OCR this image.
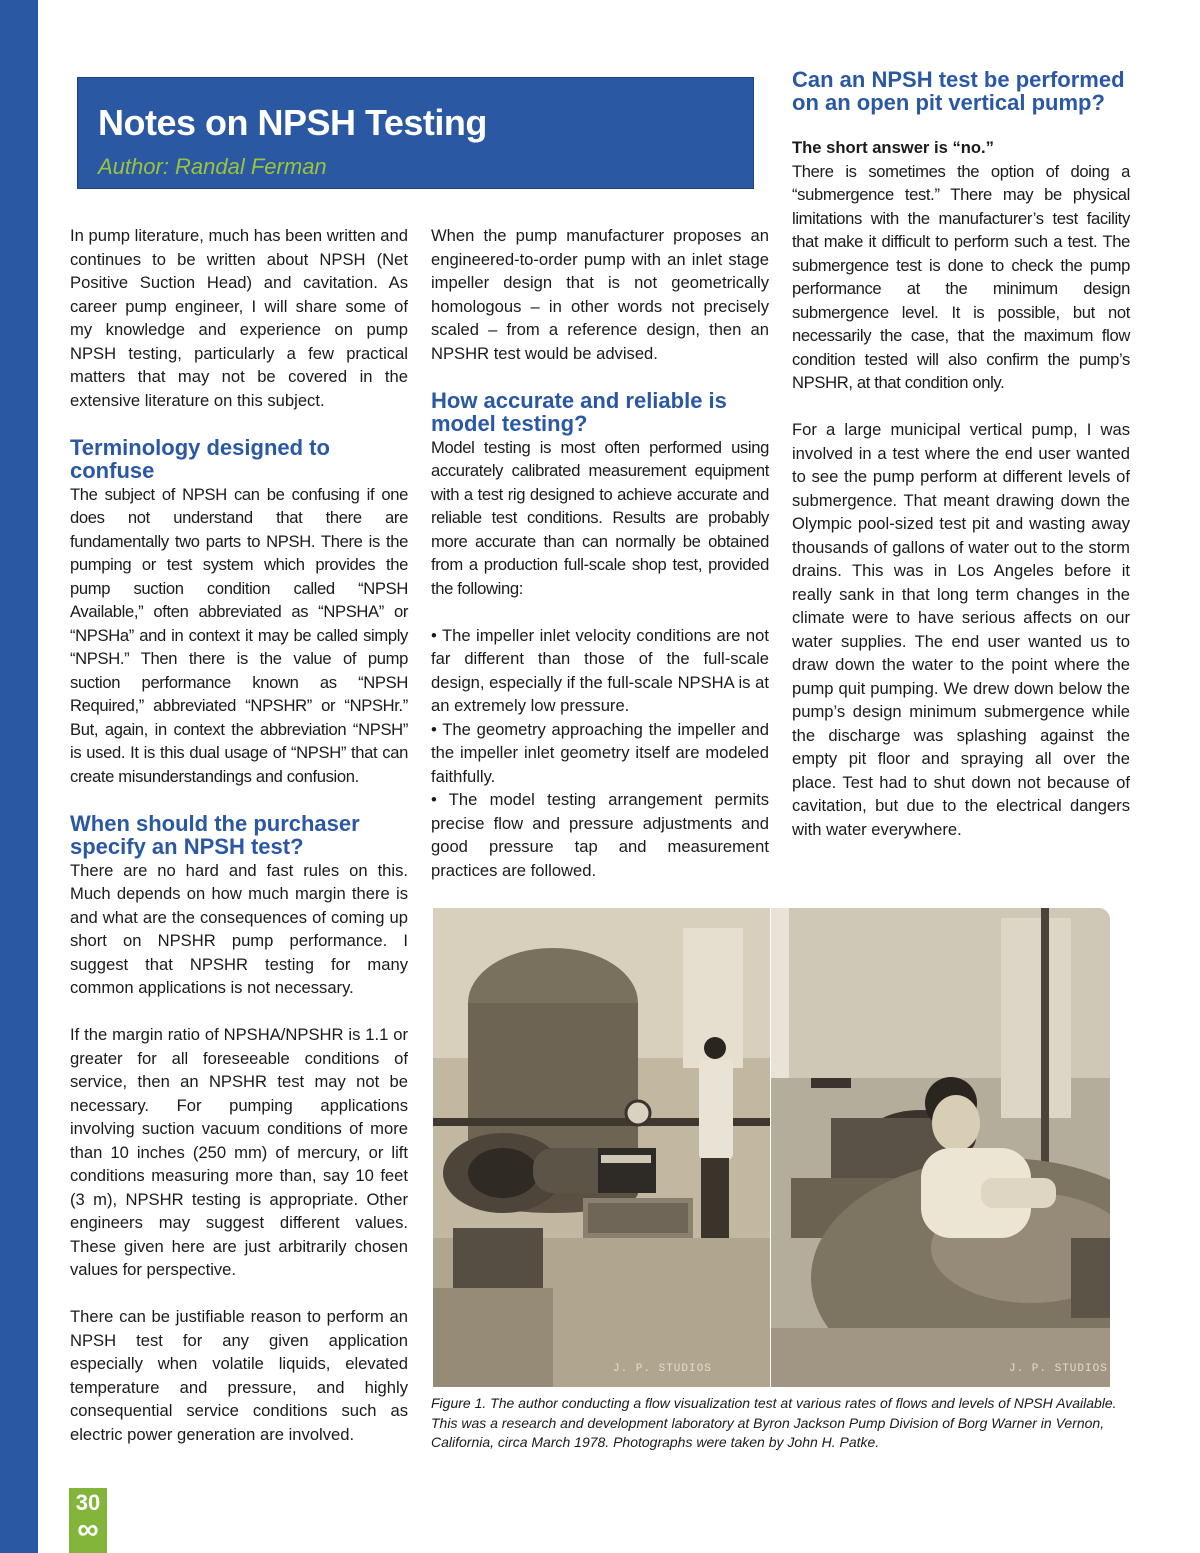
Notes on NPSH Testing
Author: Randal Ferman

In pump literature, much has been written and continues to be written about NPSH (Net Positive Suction Head) and cavitation. As career pump engineer, I will share some of my knowledge and experience on pump NPSH testing, particularly a few practical matters that may not be covered in the extensive literature on this subject.

Terminology designed to confuse

The subject of NPSH can be confusing if one does not understand that there are fundamentally two parts to NPSH. There is the pumping or test system which provides the pump suction condition called “NPSH Available,” often abbreviated as “NPSHA” or “NPSHa” and in context it may be called simply “NPSH.” Then there is the value of pump suction performance known as “NPSH Required,” abbreviated “NPSHR” or “NPSHr.” But, again, in context the abbreviation “NPSH” is used. It is this dual usage of “NPSH” that can create misunderstandings and confusion.

When should the purchaser specify an NPSH test?

There are no hard and fast rules on this. Much depends on how much margin there is and what are the consequences of coming up short on NPSHR pump performance. I suggest that NPSHR testing for many common applications is not necessary.

If the margin ratio of NPSHA/NPSHR is 1.1 or greater for all foreseeable conditions of service, then an NPSHR test may not be necessary. For pumping applications involving suction vacuum conditions of more than 10 inches (250 mm) of mercury, or lift conditions measuring more than, say 10 feet (3 m), NPSHR testing is appropriate. Other engineers may suggest different values. These given here are just arbitrarily chosen values for perspective.

There can be justifiable reason to perform an NPSH test for any given application especially when volatile liquids, elevated temperature and pressure, and highly consequential service conditions such as electric power generation are involved.

When the pump manufacturer proposes an engineered-to-order pump with an inlet stage impeller design that is not geometrically homologous – in other words not precisely scaled – from a reference design, then an NPSHR test would be advised.

How accurate and reliable is model testing?

Model testing is most often performed using accurately calibrated measurement equipment with a test rig designed to achieve accurate and reliable test conditions. Results are probably more accurate than can normally be obtained from a production full-scale shop test, provided the following:

• The impeller inlet velocity conditions are not far different than those of the full-scale design, especially if the full-scale NPSHA is at an extremely low pressure.

• The geometry approaching the impeller and the impeller inlet geometry itself are modeled faithfully.

• The model testing arrangement permits precise flow and pressure adjustments and good pressure tap and measurement practices are followed.

Can an NPSH test be performed on an open pit vertical pump?

The short answer is “no.”

There is sometimes the option of doing a “submergence test.” There may be physical limitations with the manufacturer’s test facility that make it difficult to perform such a test. The submergence test is done to check the pump performance at the minimum design submergence level. It is possible, but not necessarily the case, that the maximum flow condition tested will also confirm the pump’s NPSHR, at that condition only.

For a large municipal vertical pump, I was involved in a test where the end user wanted to see the pump perform at different levels of submergence. That meant drawing down the Olympic pool-sized test pit and wasting away thousands of gallons of water out to the storm drains. This was in Los Angeles before it really sank in that long term changes in the climate were to have serious affects on our water supplies. The end user wanted us to draw down the water to the point where the pump quit pumping. We drew down below the pump’s design minimum submergence while the discharge was splashing against the empty pit floor and spraying all over the place. Test had to shut down not because of cavitation, but due to the electrical dangers with water everywhere.

J. P. STUDIOS	J. P. STUDIOS
Figure 1. The author conducting a flow visualization test at various rates of flows and levels of NPSH Available. This was a research and development laboratory at Byron Jackson Pump Division of Borg Warner in Vernon, California, circa March 1978. Photographs were taken by John H. Patke.
30
∞
